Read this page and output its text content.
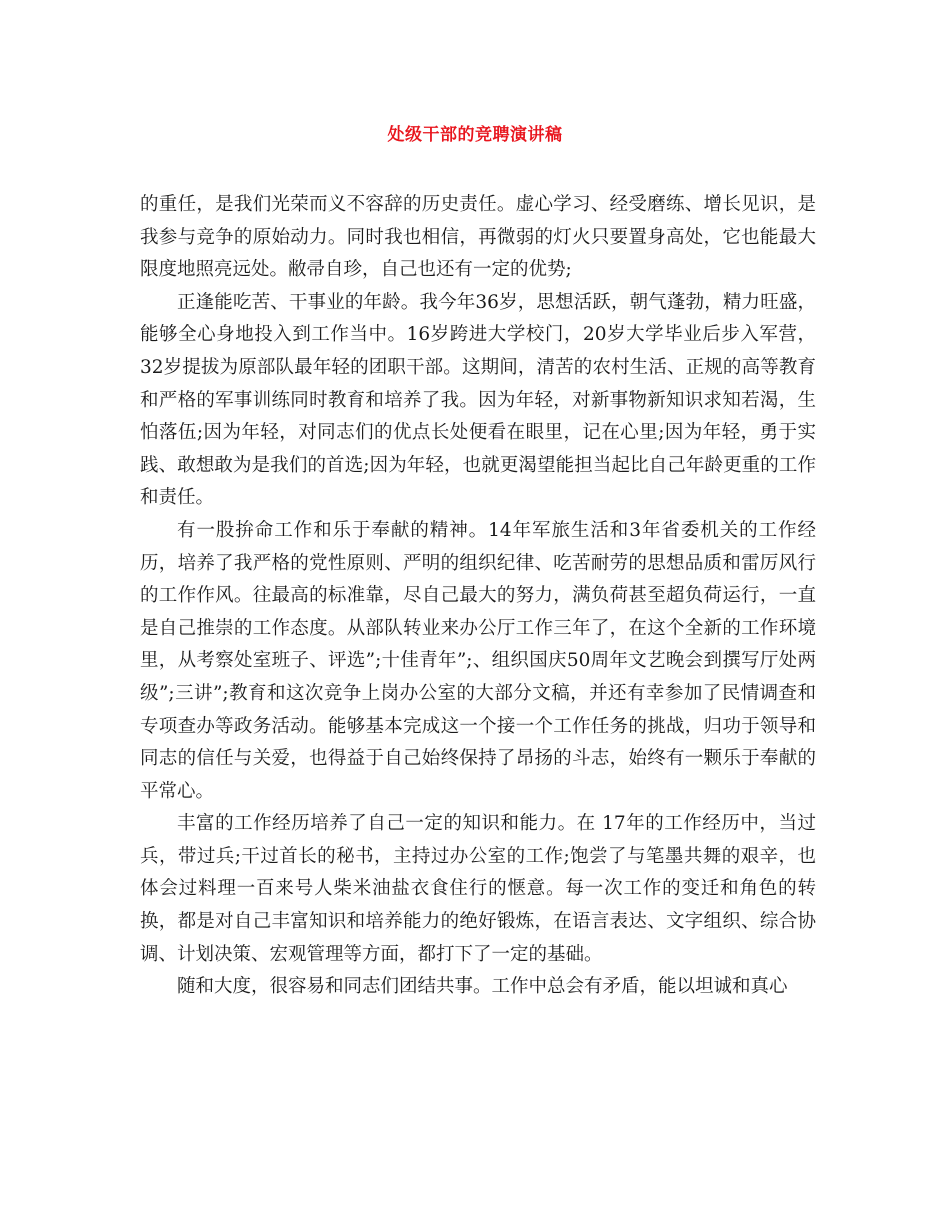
处级干部的竞聘演讲稿

的重任，是我们光荣而义不容辞的历史责任。虚心学习、经受磨练、增长见识，是我参与竞争的原始动力。同时我也相信，再微弱的灯火只要置身高处，它也能最大限度地照亮远处。敝帚自珍，自己也还有一定的优势;

正逢能吃苦、干事业的年龄。我今年36岁，思想活跃，朝气蓬勃，精力旺盛，能够全心身地投入到工作当中。16岁跨进大学校门，20岁大学毕业后步入军营，32岁提拔为原部队最年轻的团职干部。这期间，清苦的农村生活、正规的高等教育和严格的军事训练同时教育和培养了我。因为年轻，对新事物新知识求知若渴，生怕落伍;因为年轻，对同志们的优点长处便看在眼里，记在心里;因为年轻，勇于实践、敢想敢为是我们的首选;因为年轻，也就更渴望能担当起比自己年龄更重的工作和责任。

有一股拚命工作和乐于奉献的精神。14年军旅生活和3年省委机关的工作经历，培养了我严格的党性原则、严明的组织纪律、吃苦耐劳的思想品质和雷厉风行的工作作风。往最高的标准靠，尽自己最大的努力，满负荷甚至超负荷运行，一直是自己推崇的工作态度。从部队转业来办公厅工作三年了，在这个全新的工作环境里，从考察处室班子、评选”;十佳青年”;、组织国庆50周年文艺晚会到撰写厅处两级”;三讲”;教育和这次竞争上岗办公室的大部分文稿，并还有幸参加了民情调查和专项查办等政务活动。能够基本完成这一个接一个工作任务的挑战，归功于领导和同志的信任与关爱，也得益于自己始终保持了昂扬的斗志，始终有一颗乐于奉献的平常心。

丰富的工作经历培养了自己一定的知识和能力。在 17年的工作经历中，当过兵，带过兵;干过首长的秘书，主持过办公室的工作;饱尝了与笔墨共舞的艰辛，也体会过料理一百来号人柴米油盐衣食住行的惬意。每一次工作的变迁和角色的转换，都是对自己丰富知识和培养能力的绝好锻炼，在语言表达、文字组织、综合协调、计划决策、宏观管理等方面，都打下了一定的基础。

随和大度，很容易和同志们团结共事。工作中总会有矛盾，能以坦诚和真心
